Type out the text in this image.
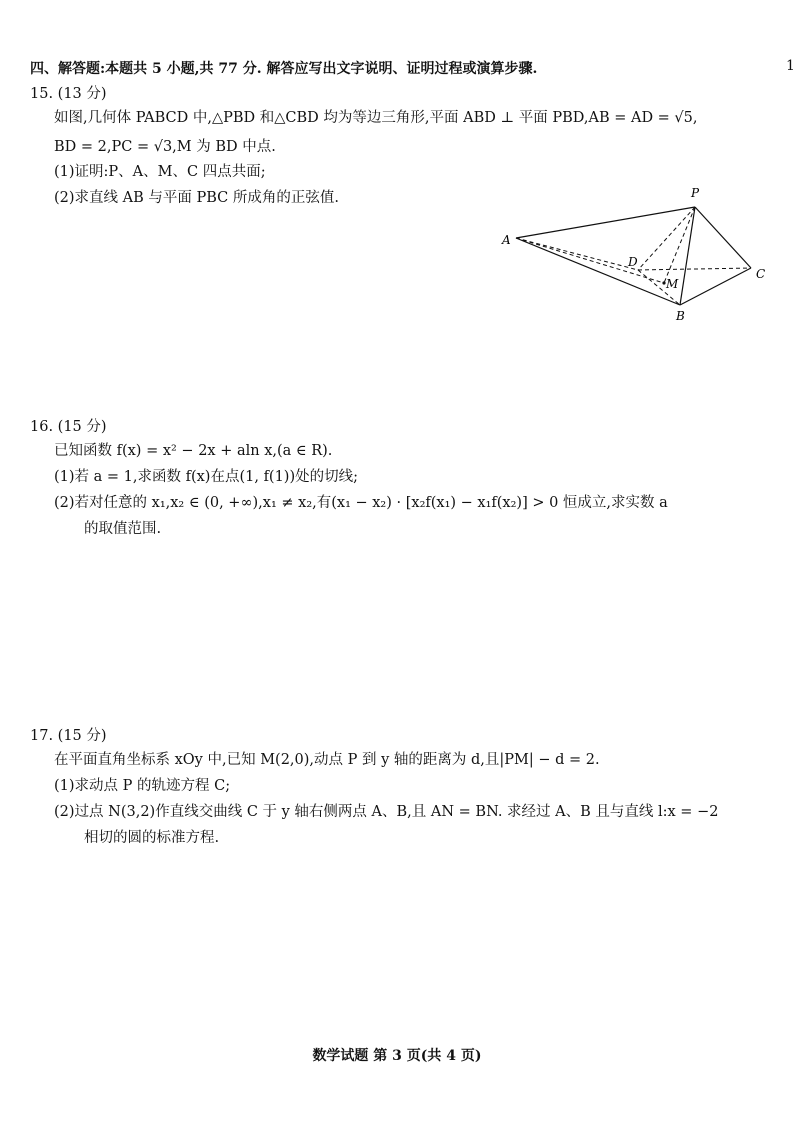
四、解答题:本题共 5 小题,共 77 分. 解答应写出文字说明、证明过程或演算步骤.	1
15. (13 分)
如图,几何体 PABCD 中,△PBD 和△CBD 均为等边三角形,平面 ABD ⊥ 平面 PBD,AB = AD = √5,
BD = 2,PC = √3,M 为 BD 中点.
(1)证明:P、A、M、C 四点共面;
(2)求直线 AB 与平面 PBC 所成角的正弦值.
A
P
D
C
M
B
16. (15 分)
已知函数 f(x) = x² − 2x + aln x,(a ∈ R).
(1)若 a = 1,求函数 f(x)在点(1, f(1))处的切线;
(2)若对任意的 x₁,x₂ ∈ (0, +∞),x₁ ≠ x₂,有(x₁ − x₂) · [x₂f(x₁) − x₁f(x₂)] > 0 恒成立,求实数 a
的取值范围.
17. (15 分)
在平面直角坐标系 xOy 中,已知 M(2,0),动点 P 到 y 轴的距离为 d,且|PM| − d = 2.
(1)求动点 P 的轨迹方程 C;
(2)过点 N(3,2)作直线交曲线 C 于 y 轴右侧两点 A、B,且 AN = BN. 求经过 A、B 且与直线 l:x = −2
相切的圆的标准方程.
数学试题 第 3 页(共 4 页)
